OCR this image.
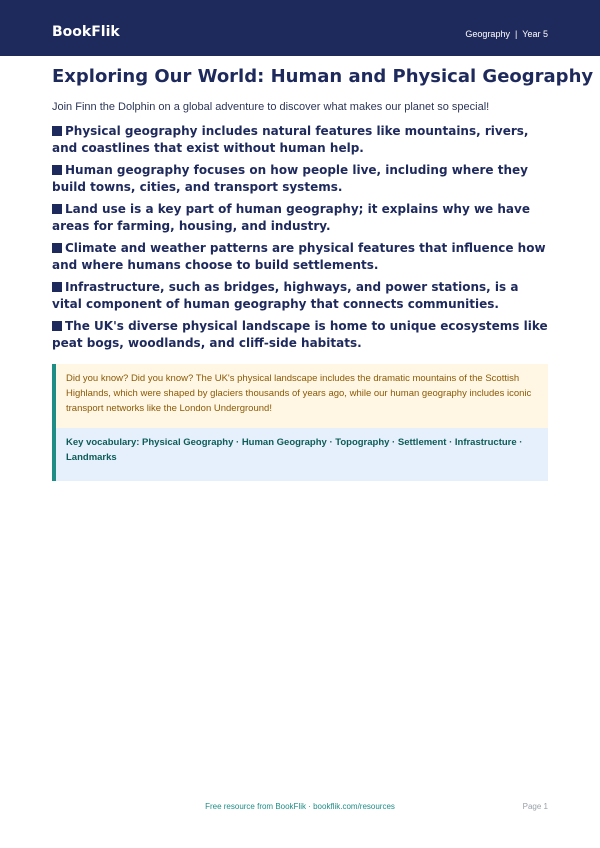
BookFlik	Geography | Year 5
Exploring Our World: Human and Physical Geography
Join Finn the Dolphin on a global adventure to discover what makes our planet so special!
Physical geography includes natural features like mountains, rivers, and coastlines that exist without human help.
Human geography focuses on how people live, including where they build towns, cities, and transport systems.
Land use is a key part of human geography; it explains why we have areas for farming, housing, and industry.
Climate and weather patterns are physical features that influence how and where humans choose to build settlements.
Infrastructure, such as bridges, highways, and power stations, is a vital component of human geography that connects communities.
The UK's diverse physical landscape is home to unique ecosystems like peat bogs, woodlands, and cliff-side habitats.
Did you know? Did you know? The UK's physical landscape includes the dramatic mountains of the Scottish Highlands, which were shaped by glaciers thousands of years ago, while our human geography includes iconic transport networks like the London Underground!
Key vocabulary: Physical Geography · Human Geography · Topography · Settlement · Infrastructure · Landmarks
Free resource from BookFlik · bookflik.com/resources	Page 1
